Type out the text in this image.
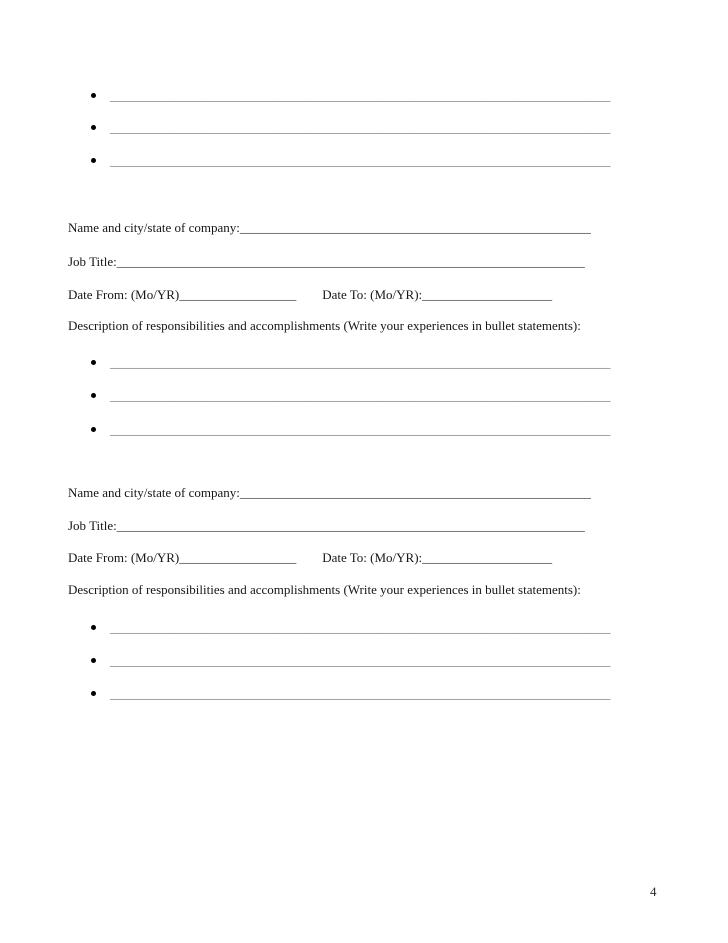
_____________________________________________________________________________
_____________________________________________________________________________
_____________________________________________________________________________
Name and city/state of company:______________________________________________________
Job Title:________________________________________________________________________
Date From: (Mo/YR)__________________ Date To: (Mo/YR):____________________
Description of responsibilities and accomplishments (Write your experiences in bullet statements):
_____________________________________________________________________________
_____________________________________________________________________________
_____________________________________________________________________________
Name and city/state of company:______________________________________________________
Job Title:________________________________________________________________________
Date From: (Mo/YR)__________________ Date To: (Mo/YR):____________________
Description of responsibilities and accomplishments (Write your experiences in bullet statements):
_____________________________________________________________________________
_____________________________________________________________________________
_____________________________________________________________________________
4
